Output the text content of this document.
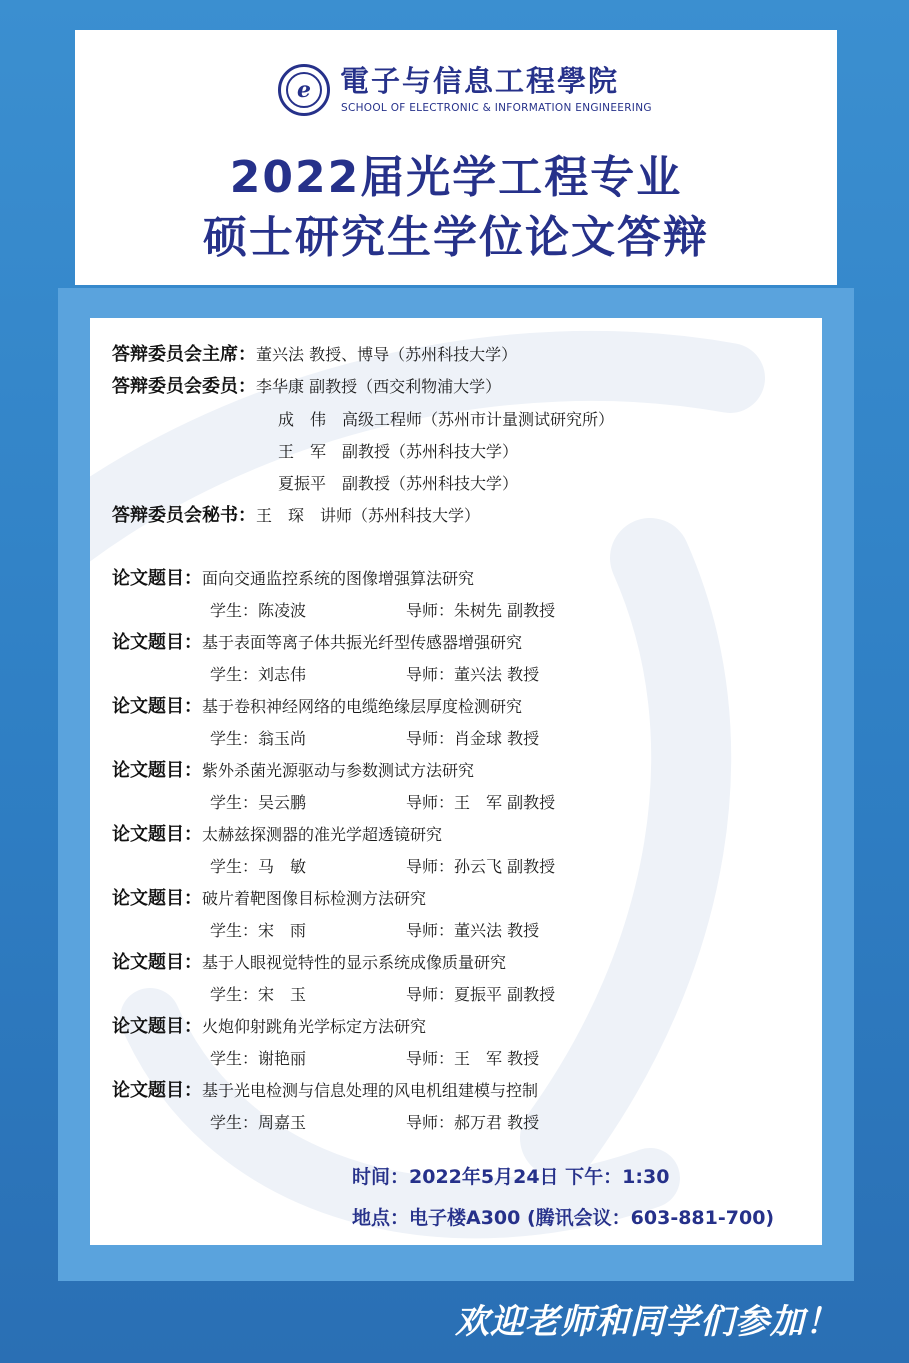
e	電子与信息工程學院
SCHOOL OF ELECTRONIC & INFORMATION ENGINEERING
2022届光学工程专业
硕士研究生学位论文答辩
答辩委员会主席：董兴法 教授、博导（苏州科技大学）
答辩委员会委员：李华康 副教授（西交利物浦大学）
成　伟　高级工程师（苏州市计量测试研究所）
王　军　副教授（苏州科技大学）
夏振平　副教授（苏州科技大学）
答辩委员会秘书：王　琛　讲师（苏州科技大学）
论文题目：面向交通监控系统的图像增强算法研究
学生：陈凌波	导师：朱树先 副教授
论文题目：基于表面等离子体共振光纤型传感器增强研究
学生：刘志伟	导师：董兴法 教授
论文题目：基于卷积神经网络的电缆绝缘层厚度检测研究
学生：翁玉尚	导师：肖金球 教授
论文题目：紫外杀菌光源驱动与参数测试方法研究
学生：吴云鹏	导师：王　军 副教授
论文题目：太赫兹探测器的准光学超透镜研究
学生：马　敏	导师：孙云飞 副教授
论文题目：破片着靶图像目标检测方法研究
学生：宋　雨	导师：董兴法 教授
论文题目：基于人眼视觉特性的显示系统成像质量研究
学生：宋　玉	导师：夏振平 副教授
论文题目：火炮仰射跳角光学标定方法研究
学生：谢艳丽	导师：王　军 教授
论文题目：基于光电检测与信息处理的风电机组建模与控制
学生：周嘉玉	导师：郝万君 教授
时间：2022年5月24日 下午：1:30
地点：电子楼A300 (腾讯会议：603-881-700)
欢迎老师和同学们参加！
